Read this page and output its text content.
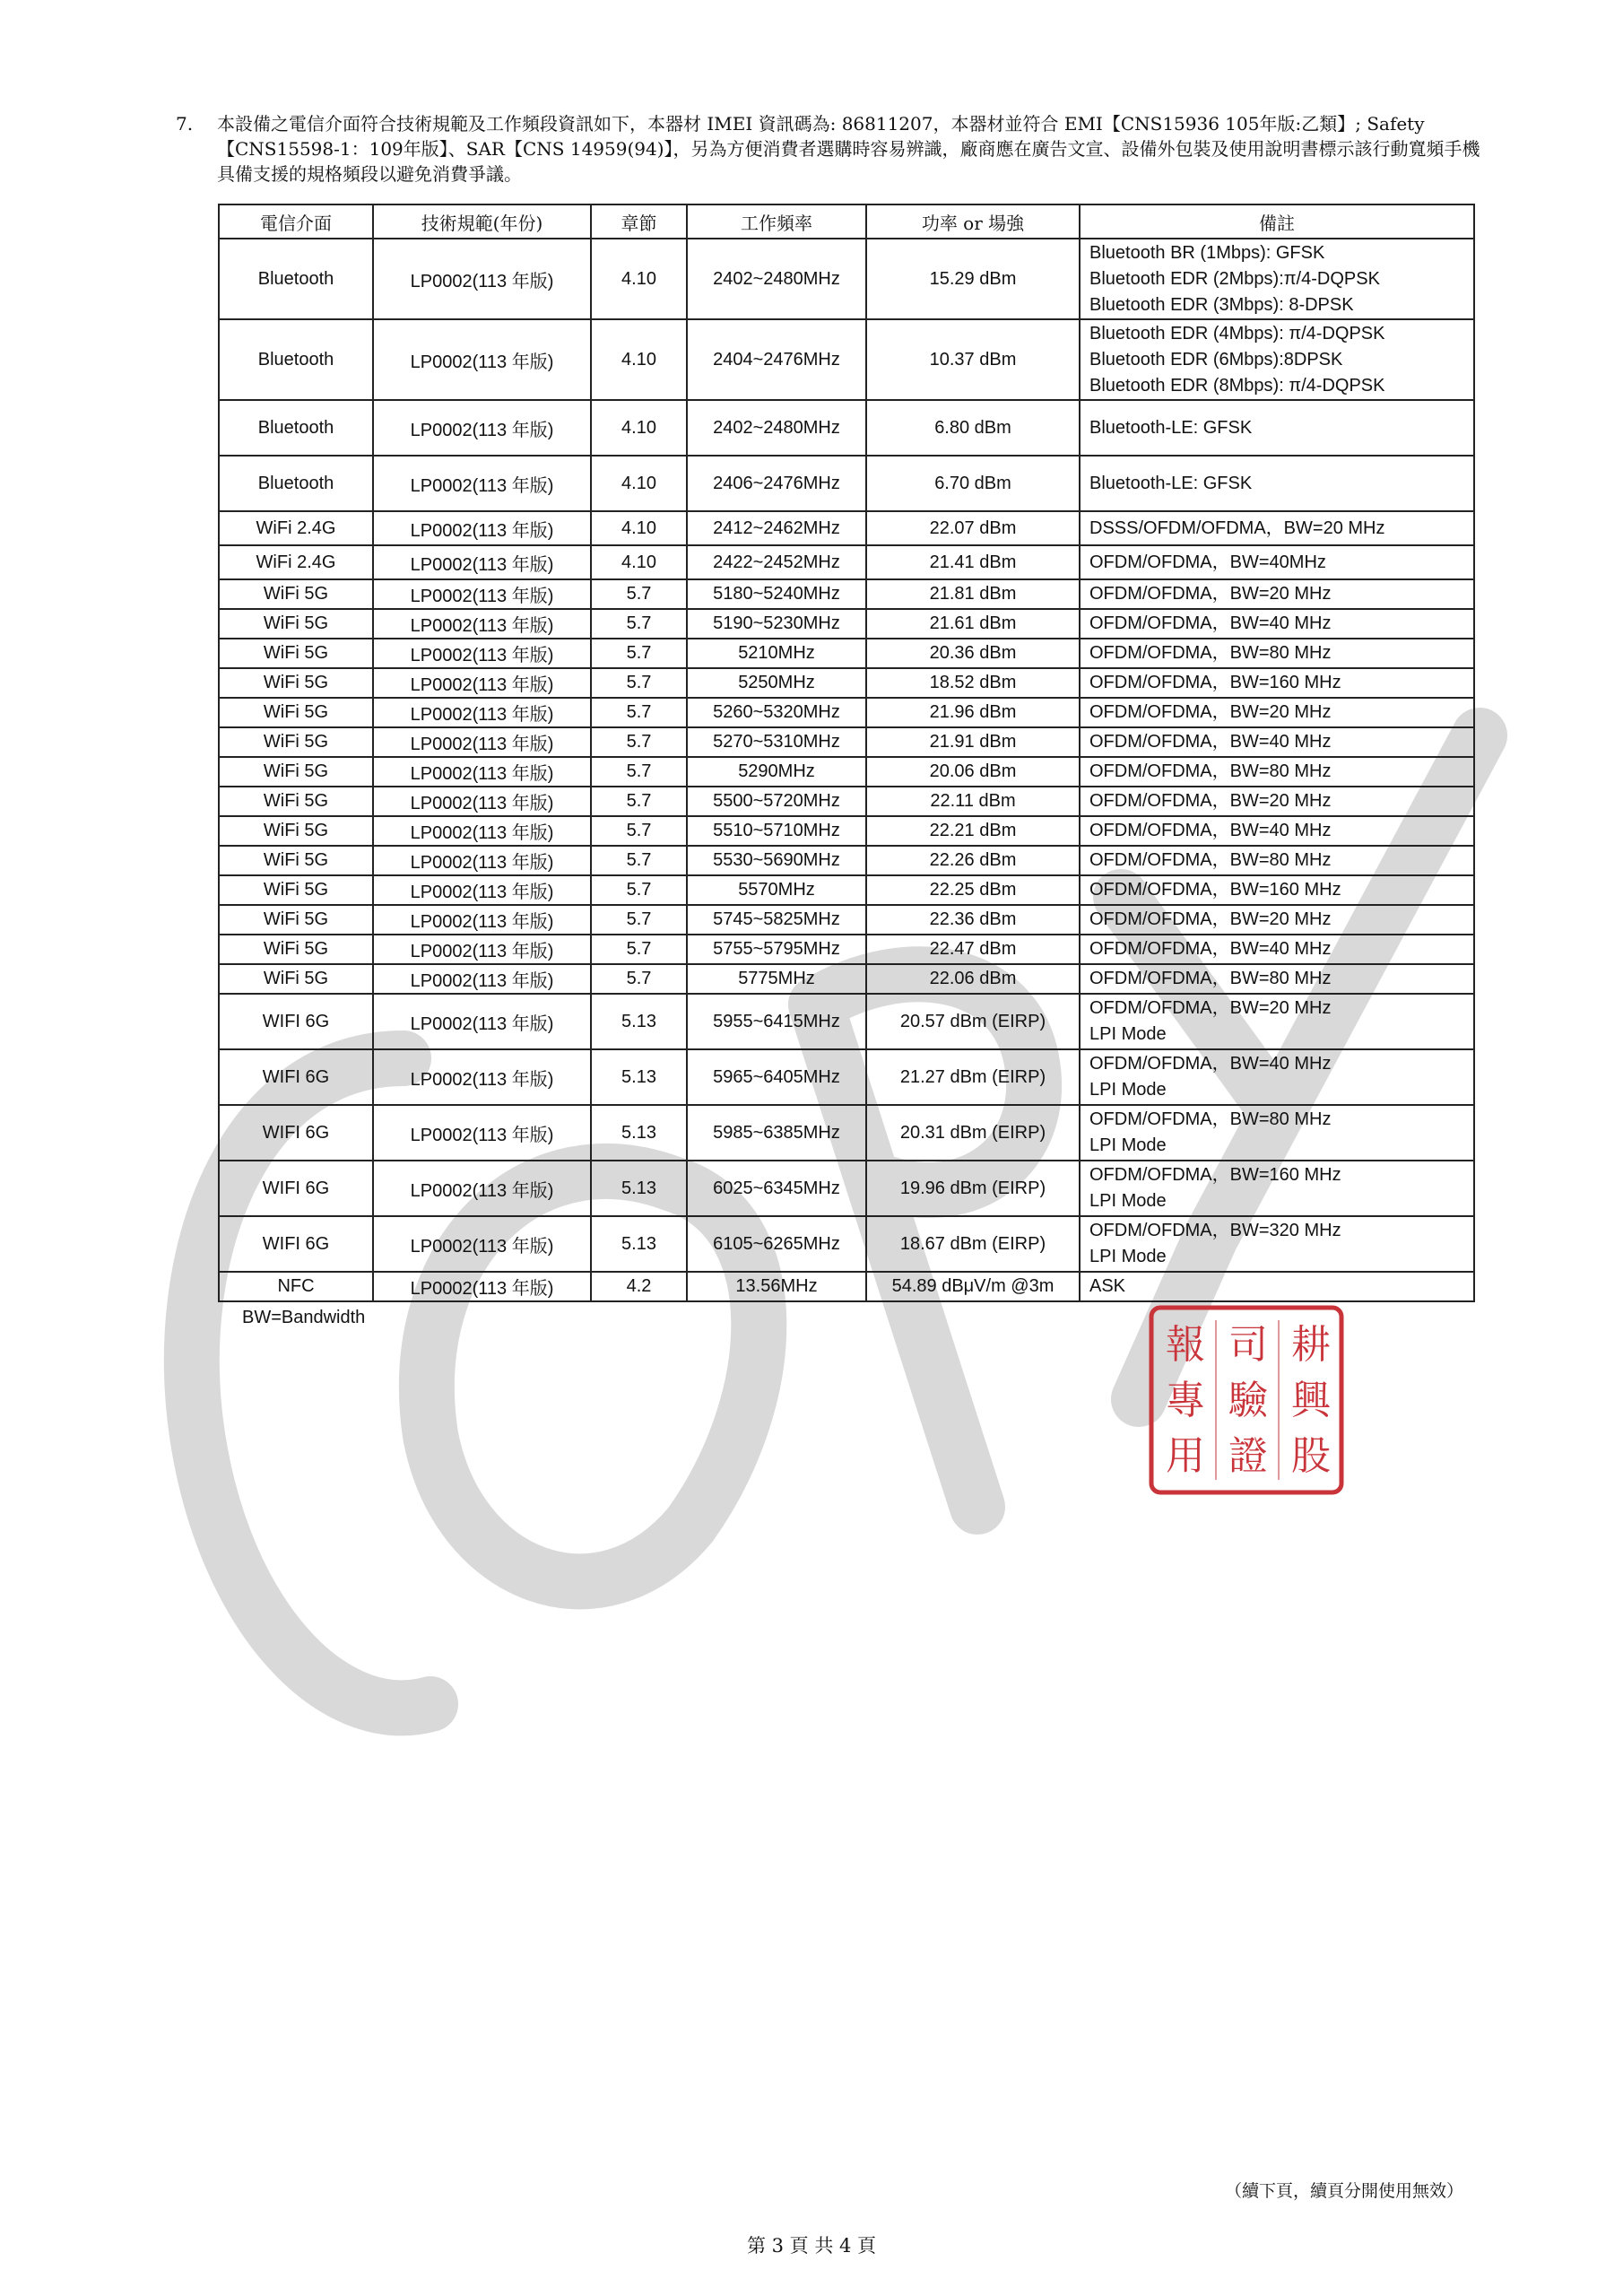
7. 本設備之電信介面符合技術規範及工作頻段資訊如下，本器材 IMEI 資訊碼為: 86811207，本器材並符合 EMI【CNS15936 105年版:乙類】; Safety【CNS15598-1：109年版】、SAR【CNS 14959(94)】，另為方便消費者選購時容易辨識，廠商應在廣告文宣、設備外包裝及使用說明書標示該行動寬頻手機具備支援的規格頻段以避免消費爭議。
電信介面	技術規範(年份)	章節	工作頻率	功率 or 場強	備註
Bluetooth	LP0002(113 年版)	4.10	2402~2480MHz	15.29 dBm	Bluetooth BR (1Mbps): GFSK
Bluetooth EDR (2Mbps):π/4-DQPSK
Bluetooth EDR (3Mbps): 8-DPSK

Bluetooth	LP0002(113 年版)	4.10	2404~2476MHz	10.37 dBm	Bluetooth EDR (4Mbps): π/4-DQPSK
Bluetooth EDR (6Mbps):8DPSK
Bluetooth EDR (8Mbps): π/4-DQPSK

Bluetooth	LP0002(113 年版)	4.10	2402~2480MHz	6.80 dBm	Bluetooth-LE: GFSK

Bluetooth	LP0002(113 年版)	4.10	2406~2476MHz	6.70 dBm	Bluetooth-LE: GFSK

WiFi 2.4G	LP0002(113 年版)	4.10	2412~2462MHz	22.07 dBm	DSSS/OFDM/OFDMA，BW=20 MHz

WiFi 2.4G	LP0002(113 年版)	4.10	2422~2452MHz	21.41 dBm	OFDM/OFDMA，BW=40MHz

WiFi 5G	LP0002(113 年版)	5.7	5180~5240MHz	21.81 dBm	OFDM/OFDMA，BW=20 MHz

WiFi 5G	LP0002(113 年版)	5.7	5190~5230MHz	21.61 dBm	OFDM/OFDMA，BW=40 MHz

WiFi 5G	LP0002(113 年版)	5.7	5210MHz	20.36 dBm	OFDM/OFDMA，BW=80 MHz

WiFi 5G	LP0002(113 年版)	5.7	5250MHz	18.52 dBm	OFDM/OFDMA，BW=160 MHz

WiFi 5G	LP0002(113 年版)	5.7	5260~5320MHz	21.96 dBm	OFDM/OFDMA，BW=20 MHz

WiFi 5G	LP0002(113 年版)	5.7	5270~5310MHz	21.91 dBm	OFDM/OFDMA，BW=40 MHz

WiFi 5G	LP0002(113 年版)	5.7	5290MHz	20.06 dBm	OFDM/OFDMA，BW=80 MHz

WiFi 5G	LP0002(113 年版)	5.7	5500~5720MHz	22.11 dBm	OFDM/OFDMA，BW=20 MHz

WiFi 5G	LP0002(113 年版)	5.7	5510~5710MHz	22.21 dBm	OFDM/OFDMA，BW=40 MHz

WiFi 5G	LP0002(113 年版)	5.7	5530~5690MHz	22.26 dBm	OFDM/OFDMA，BW=80 MHz

WiFi 5G	LP0002(113 年版)	5.7	5570MHz	22.25 dBm	OFDM/OFDMA，BW=160 MHz

WiFi 5G	LP0002(113 年版)	5.7	5745~5825MHz	22.36 dBm	OFDM/OFDMA，BW=20 MHz

WiFi 5G	LP0002(113 年版)	5.7	5755~5795MHz	22.47 dBm	OFDM/OFDMA，BW=40 MHz

WiFi 5G	LP0002(113 年版)	5.7	5775MHz	22.06 dBm	OFDM/OFDMA，BW=80 MHz

WIFI 6G	LP0002(113 年版)	5.13	5955~6415MHz	20.57 dBm (EIRP)	OFDM/OFDMA，BW=20 MHz
LPI Mode

WIFI 6G	LP0002(113 年版)	5.13	5965~6405MHz	21.27 dBm (EIRP)	OFDM/OFDMA，BW=40 MHz
LPI Mode

WIFI 6G	LP0002(113 年版)	5.13	5985~6385MHz	20.31 dBm (EIRP)	OFDM/OFDMA，BW=80 MHz
LPI Mode

WIFI 6G	LP0002(113 年版)	5.13	6025~6345MHz	19.96 dBm (EIRP)	OFDM/OFDMA，BW=160 MHz
LPI Mode

WIFI 6G	LP0002(113 年版)	5.13	6105~6265MHz	18.67 dBm (EIRP)	OFDM/OFDMA，BW=320 MHz
LPI Mode

NFC	LP0002(113 年版)	4.2	13.56MHz	54.89 dBμV/m @3m	ASK
BW=Bandwidth
耕
興
股
司
驗
證
報
專
用
（續下頁，續頁分開使用無效）
第 3 頁 共 4 頁
